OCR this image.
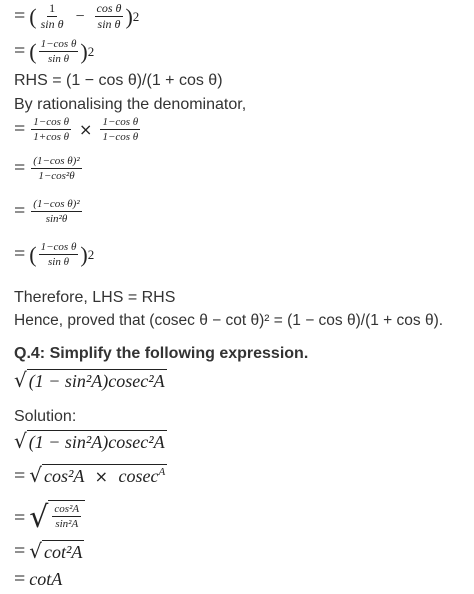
= ( $\frac{1}{\text{sin θ}} - \frac{\text{cos θ}}{\text{sin θ}}$ ) 2
= ( $\frac{\text{1−cos θ}}{\text{sin θ}}$ ) 2
RHS = (1 − cos θ)/(1 + cos θ)
By rationalising the denominator,
= $\frac{\text{1−cos θ}}{\text{1+cos θ}} \times \frac{\text{1−cos θ}}{\text{1−cos θ}}$
= $\frac{\text{(1−cos θ)²}}{\text{1−cos²θ}}$
= $\frac{\text{(1−cos θ)²}}{\text{sin²θ}}$
= ( $\frac{\text{1−cos θ}}{\text{sin θ}}$ ) 2
Therefore, LHS = RHS
Hence, proved that (cosec θ − cot θ)² = (1 − cos θ)/(1 + cos θ).
Q.4: Simplify the following expression.
√ (1 − sin²A)cosec²A
Solution:
√ (1 − sin²A)cosec²A
= √ cos²A × cosec$^A$
= √ $\frac{\text{cos²A}}{\text{sin²A}}$
= √ cot²A
= cotA
